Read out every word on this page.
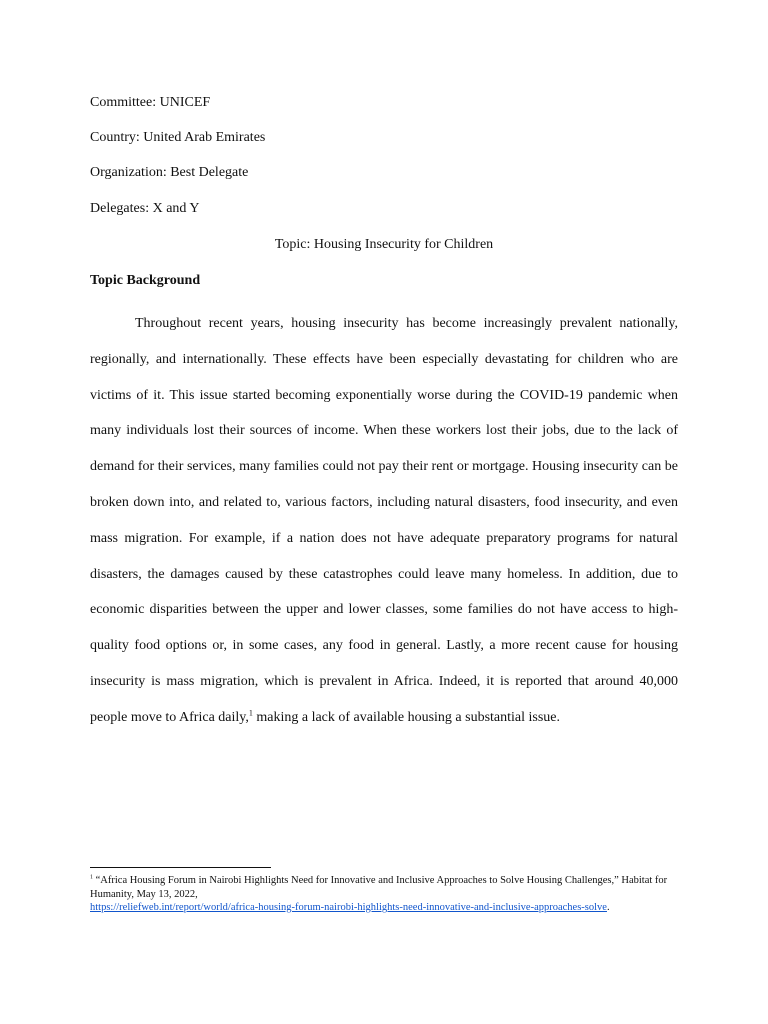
Committee: UNICEF
Country: United Arab Emirates
Organization: Best Delegate
Delegates: X and Y
Topic: Housing Insecurity for Children
Topic Background

Throughout recent years, housing insecurity has become increasingly prevalent nationally, regionally, and internationally. These effects have been especially devastating for children who are victims of it. This issue started becoming exponentially worse during the COVID-19 pandemic when many individuals lost their sources of income. When these workers lost their jobs, due to the lack of demand for their services, many families could not pay their rent or mortgage. Housing insecurity can be broken down into, and related to, various factors, including natural disasters, food insecurity, and even mass migration. For example, if a nation does not have adequate preparatory programs for natural disasters, the damages caused by these catastrophes could leave many homeless. In addition, due to economic disparities between the upper and lower classes, some families do not have access to high-quality food options or, in some cases, any food in general. Lastly, a more recent cause for housing insecurity is mass migration, which is prevalent in Africa. Indeed, it is reported that around 40,000 people move to Africa daily,$^1$ making a lack of available housing a substantial issue.

$^1$ “Africa Housing Forum in Nairobi Highlights Need for Innovative and Inclusive Approaches to Solve Housing Challenges,” Habitat for Humanity, May 13, 2022,
https://reliefweb.int/report/world/africa-housing-forum-nairobi-highlights-need-innovative-and-inclusive-approaches-solve.
